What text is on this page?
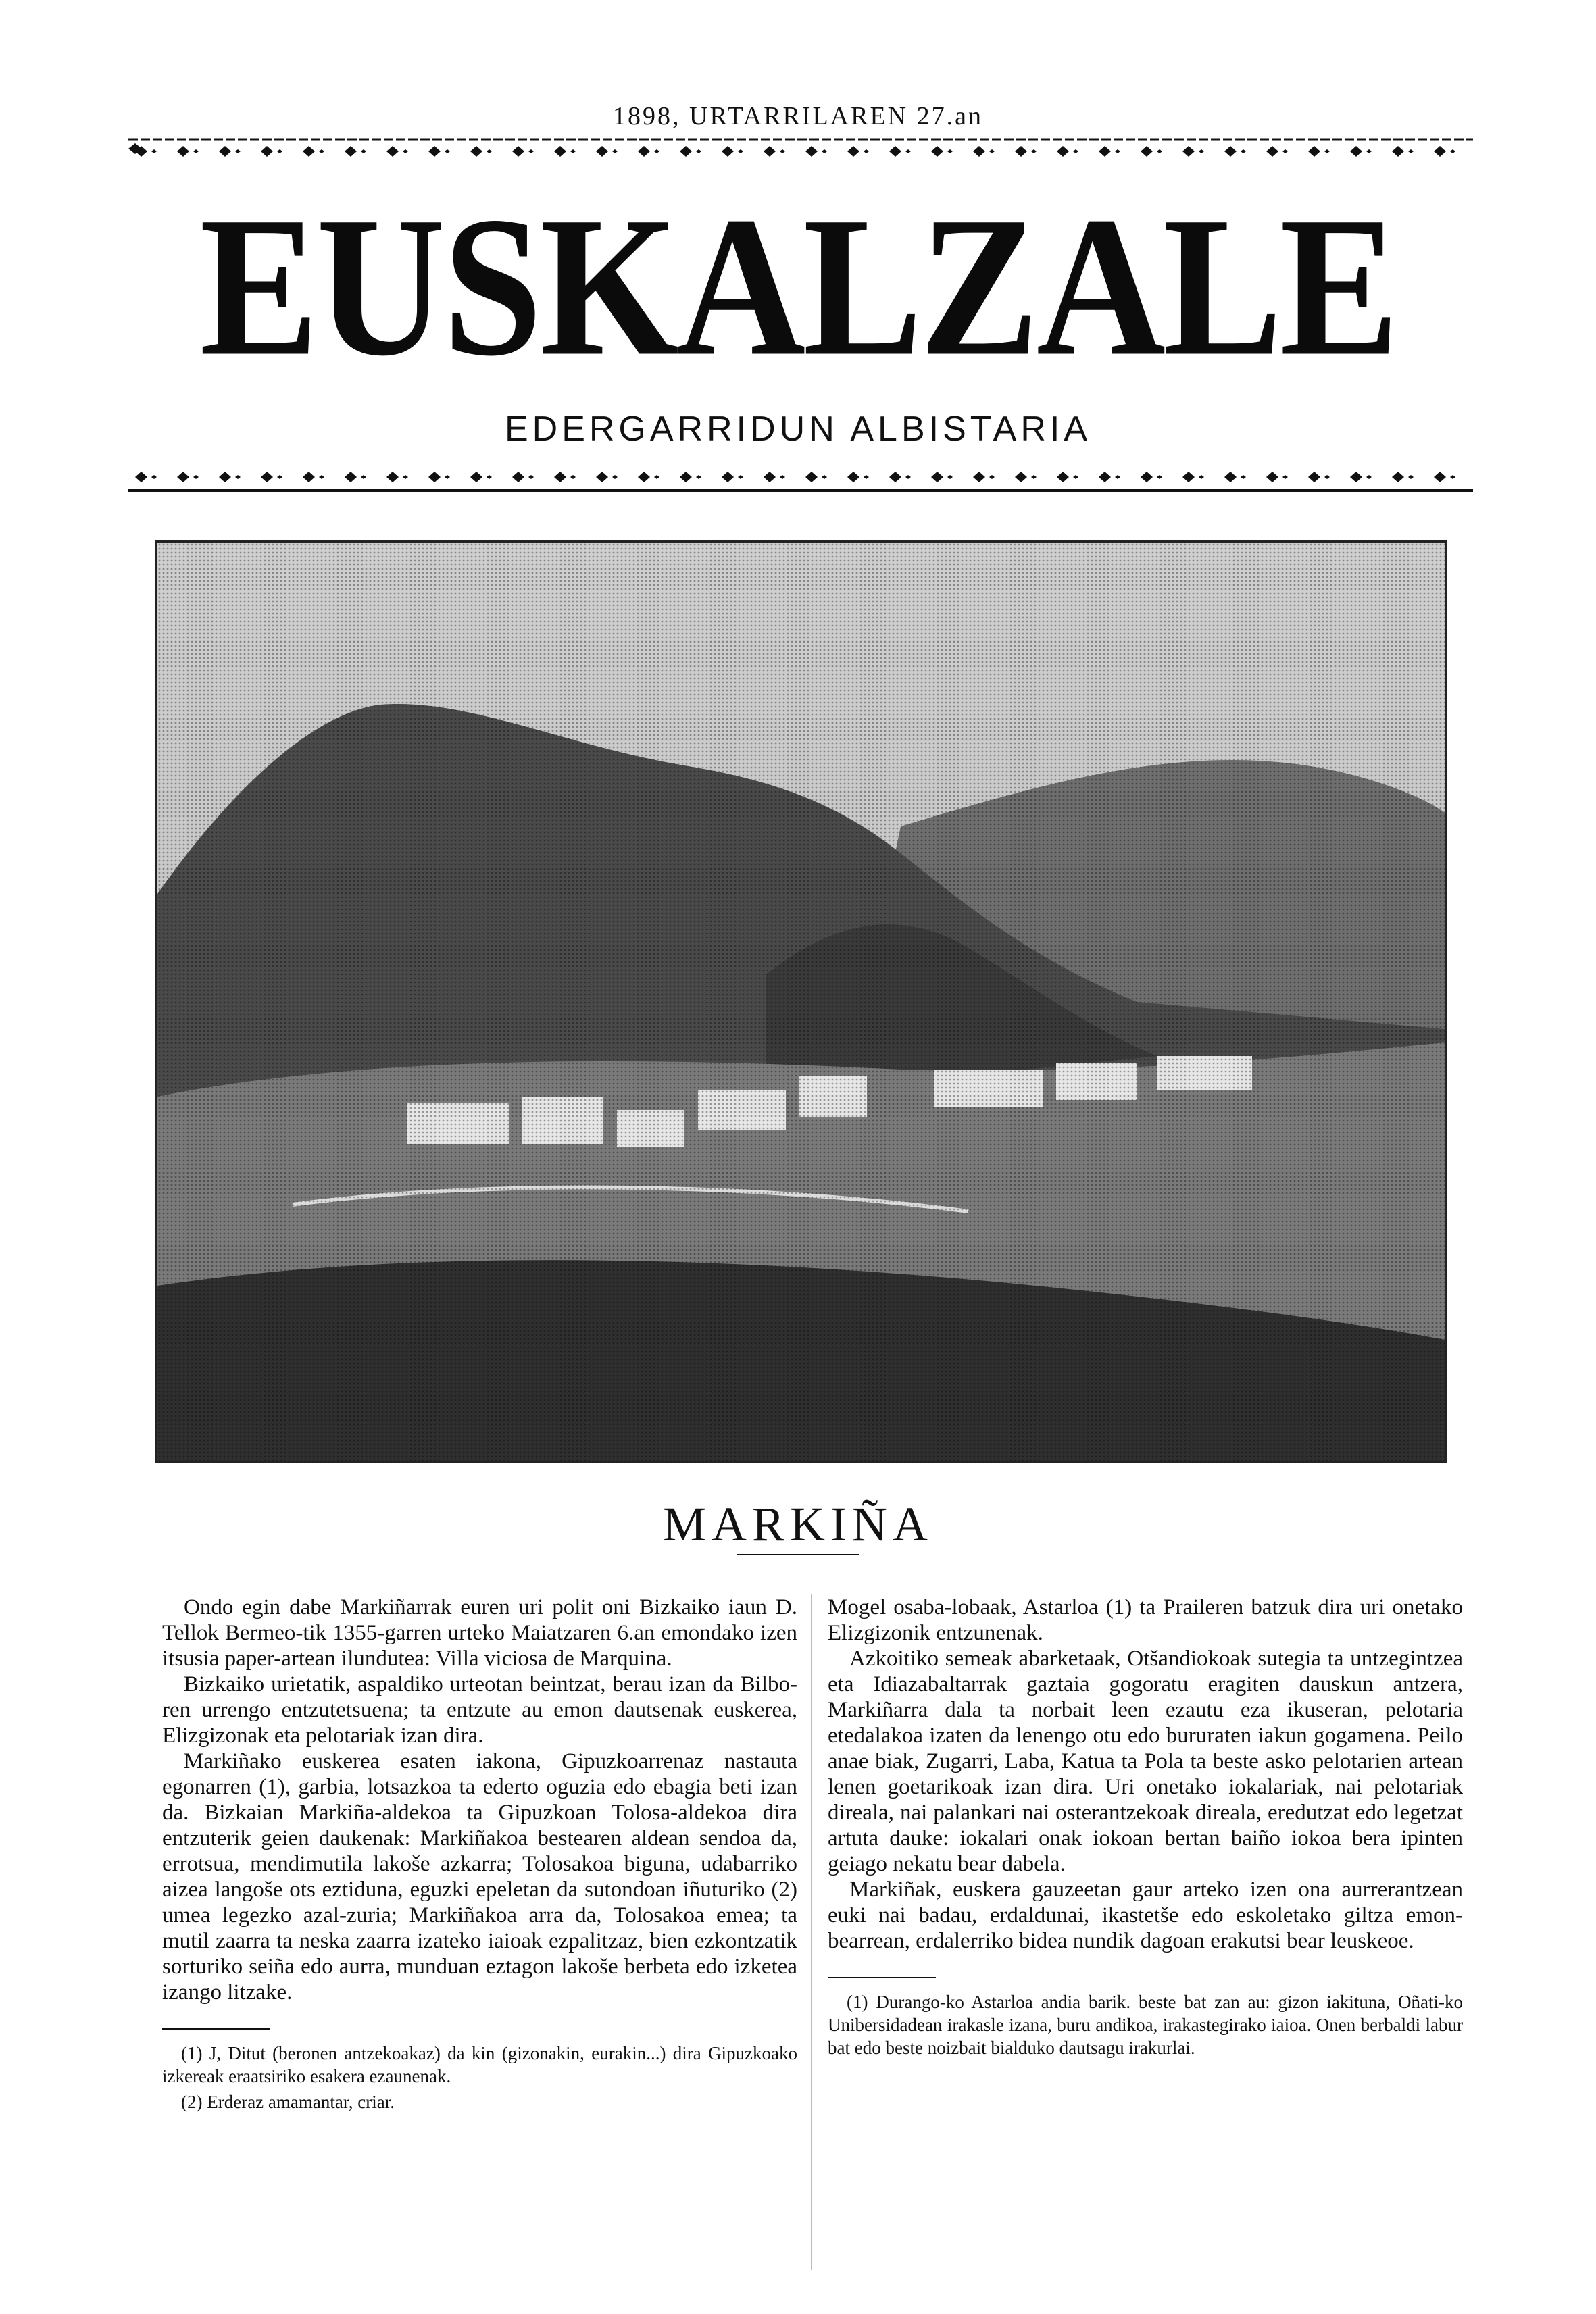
1898, URTARRILAREN 27.an
EUSKALZALE
EDERGARRIDUN ALBISTARIA
MARKIÑA

Ondo egin dabe Markiñarrak euren uri polit oni Bizkaiko iaun D. Tellok Bermeo-tik 1355-garren urteko Maiatzaren 6.an emondako izen itsusia paper-artean ilundutea: Villa viciosa de Marquina.

Bizkaiko urietatik, aspaldiko urteotan beintzat, berau izan da Bilbo-ren urrengo entzutetsuena; ta entzute au emon dautsenak euskerea, Elizgizonak eta pelotariak izan dira.

Markiñako euskerea esaten iakona, Gipuzkoarrenaz nastauta egonarren (1), garbia, lotsazkoa ta ederto oguzia edo ebagia beti izan da. Bizkaian Markiña-aldekoa ta Gipuzkoan Tolosa-aldekoa dira entzuterik geien daukenak: Markiñakoa bestearen aldean sendoa da, errotsua, mendimutila lakoše azkarra; Tolosakoa biguna, udabarriko aizea langoše ots eztiduna, eguzki epeletan da sutondoan iñuturiko (2) umea legezko azal-zuria; Markiñakoa arra da, Tolosakoa emea; ta mutil zaarra ta neska zaarra izateko iaioak ezpalitzaz, bien ezkontzatik sorturiko seiña edo aurra, munduan eztagon lakoše berbeta edo izketea izango litzake.

(1) J, Ditut (beronen antzekoakaz) da kin (gizonakin, eurakin...) dira Gipuzkoako izkereak eraatsiriko esakera ezaunenak.

(2) Erderaz amamantar, criar.

Mogel osaba-lobaak, Astarloa (1) ta Praileren batzuk dira uri onetako Elizgizonik entzunenak.

Azkoitiko semeak abarketaak, Otšandiokoak sutegia ta untzegintzea eta Idiazabaltarrak gaztaia gogoratu eragiten dauskun antzera, Markiñarra dala ta norbait leen ezautu eza ikuseran, pelotaria etedalakoa izaten da lenengo otu edo bururaten iakun gogamena. Peilo anae biak, Zugarri, Laba, Katua ta Pola ta beste asko pelotarien artean lenen goetarikoak izan dira. Uri onetako iokalariak, nai pelotariak direala, nai palankari nai osterantzekoak direala, eredutzat edo legetzat artuta dauke: iokalari onak iokoan bertan baiño iokoa bera ipinten geiago nekatu bear dabela.

Markiñak, euskera gauzeetan gaur arteko izen ona aurrerantzean euki nai badau, erdaldunai, ikastetše edo eskoletako giltza emon-bearrean, erdalerriko bidea nundik dagoan erakutsi bear leuskeoe.

(1) Durango-ko Astarloa andia barik. beste bat zan au: gizon iakituna, Oñati-ko Unibersidadean irakasle izana, buru andikoa, irakastegirako iaioa. Onen berbaldi labur bat edo beste noizbait bialduko dautsagu irakurlai.
